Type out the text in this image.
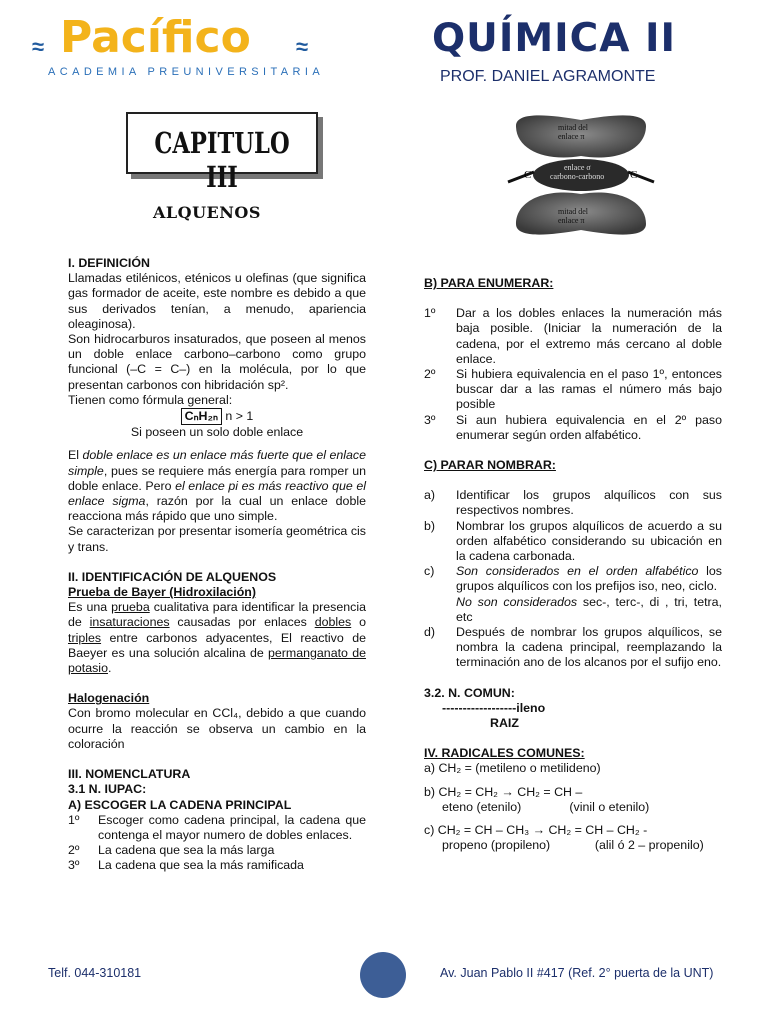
≈ Pacífico ≈
ACADEMIA PREUNIVERSITARIA
QUÍMICA II
PROF. DANIEL AGRAMONTE
CAPITULO III
ALQUENOS
mitad del
enlace π
enlace σ
carbono-carbono
mitad del
enlace π
C	C

I. DEFINICIÓN

Llamadas etilénicos, eténicos u olefinas (que significa gas formador de aceite, este nombre es debido a que sus derivados tenían, a menudo, apariencia oleaginosa).

Son hidrocarburos insaturados, que poseen al menos un doble enlace carbono–carbono como grupo funcional (–C = C–) en la molécula, por lo que presentan carbonos con hibridación sp².

Tienen como fórmula general:

CₙH₂ₙ n > 1

Si poseen un solo doble enlace

El doble enlace es un enlace más fuerte que el enlace simple, pues se requiere más energía para romper un doble enlace. Pero el enlace pi es más reactivo que el enlace sigma, razón por la cual un enlace doble reacciona más rápido que uno simple.

Se caracterizan por presentar isomería geométrica cis y trans.

II. IDENTIFICACIÓN DE ALQUENOS

Prueba de Bayer (Hidroxilación)

Es una prueba cualitativa para identificar la presencia de insaturaciones causadas por enlaces dobles o triples entre carbonos adyacentes, El reactivo de Baeyer es una solución alcalina de permanganato de potasio.

Halogenación

Con bromo molecular en CCl₄, debido a que cuando ocurre la reacción se observa un cambio en la coloración

III. NOMENCLATURA

3.1 N. IUPAC:

A) ESCOGER LA CADENA PRINCIPAL

1º	Escoger como cadena principal, la cadena que contenga el mayor numero de dobles enlaces.
2º	La cadena que sea la más larga
3º	La cadena que sea la más ramificada

B) PARA ENUMERAR:

1º	Dar a los dobles enlaces la numeración más baja posible. (Iniciar la numeración de la cadena, por el extremo más cercano al doble enlace.
2º	Si hubiera equivalencia en el paso 1º, entonces buscar dar a las ramas el número más bajo posible
3º	Si aun hubiera equivalencia en el 2º paso enumerar según orden alfabético.

C) PARAR NOMBRAR:

a)	Identificar los grupos alquílicos con sus respectivos nombres.
b)	Nombrar los grupos alquílicos de acuerdo a su orden alfabético considerando su ubicación en la cadena carbonada.
c)	Son considerados en el orden alfabético los grupos alquílicos con los prefijos iso, neo, ciclo.
No son considerados sec-, terc-, di , tri, tetra, etc
d)	Después de nombrar los grupos alquílicos, se nombra la cadena principal, reemplazando la terminación ano de los alcanos por el sufijo eno.

3.2. N. COMUN:

------------------ileno

RAIZ

IV. RADICALES COMUNES:

a) CH₂ = (metileno o metilideno)

b) CH₂ = CH₂ → CH₂ = CH –

eteno (etenilo)              (vinil o etenilo)

c) CH₂ = CH – CH₃ → CH₂ = CH – CH₂ -

propeno (propileno)             (alil ó 2 – propenilo)

Telf. 044-310181	Av. Juan Pablo II #417 (Ref. 2° puerta de la UNT)
